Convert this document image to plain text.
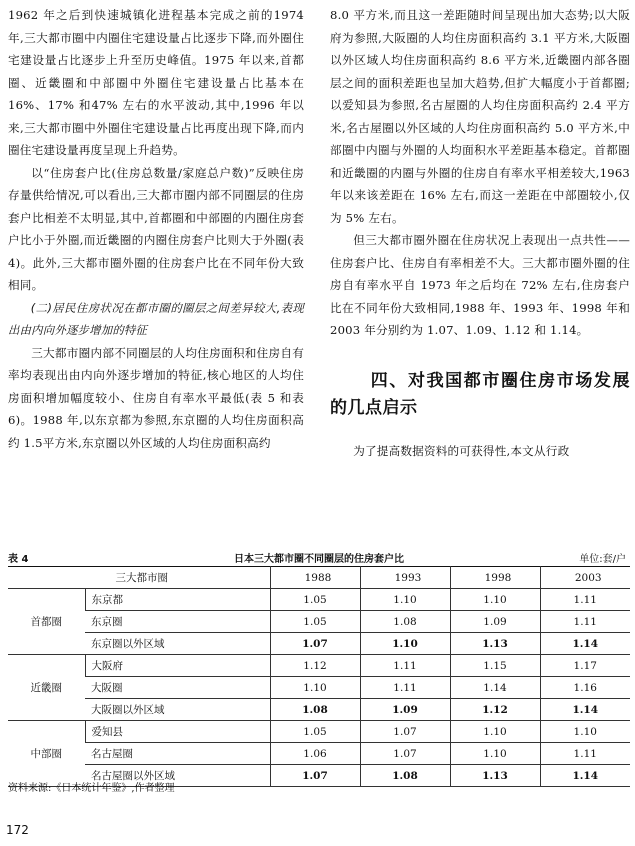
1962 年之后到快速城镇化进程基本完成之前的1974 年,三大都市圈中内圈住宅建设量占比逐步下降,而外圈住宅建设量占比逐步上升至历史峰值。1975 年以来,首都圈、近畿圈和中部圈中外圈住宅建设量占比基本在 16%、17% 和47% 左右的水平波动,其中,1996 年以来,三大都市圈中外圈住宅建设量占比再度出现下降,而内圈住宅建设量再度呈现上升趋势。

以“住房套户比(住房总数量/家庭总户数)”反映住房存量供给情况,可以看出,三大都市圈内部不同圈层的住房套户比相差不太明显,其中,首都圈和中部圈的内圈住房套户比小于外圈,而近畿圈的内圈住房套户比则大于外圈(表 4)。此外,三大都市圈外圈的住房套户比在不同年份大致相同。

(二)居民住房状况在都市圈的圈层之间差异较大,表现出由内向外逐步增加的特征

三大都市圈内部不同圈层的人均住房面积和住房自有率均表现出由内向外逐步增加的特征,核心地区的人均住房面积增加幅度较小、住房自有率水平最低(表 5 和表 6)。1988 年,以东京都为参照,东京圈的人均住房面积高约 1.5平方米,东京圈以外区域的人均住房面积高约

8.0 平方米,而且这一差距随时间呈现出加大态势;以大阪府为参照,大阪圈的人均住房面积高约 3.1 平方米,大阪圈以外区域人均住房面积高约 8.6 平方米,近畿圈内部各圈层之间的面积差距也呈加大趋势,但扩大幅度小于首都圈;以爱知县为参照,名古屋圈的人均住房面积高约 2.4 平方米,名古屋圈以外区域的人均住房面积高约 5.0 平方米,中部圈中内圈与外圈的人均面积水平差距基本稳定。首都圈和近畿圈的内圈与外圈的住房自有率水平相差较大,1963 年以来该差距在 16% 左右,而这一差距在中部圈较小,仅为 5% 左右。

但三大都市圈外圈在住房状况上表现出一点共性——住房套户比、住房自有率相差不大。三大都市圈外圈的住房自有率水平自 1973 年之后均在 72% 左右,住房套户比在不同年份大致相同,1988 年、1993 年、1998 年和 2003 年分别约为 1.07、1.09、1.12 和 1.14。

四、对我国都市圈住房市场发展的几点启示

为了提高数据资料的可获得性,本文从行政

表 4	日本三大都市圈不同圈层的住房套户比	单位:套/户
三大都市圈		1988	1993	1998	2003
首都圈	东京都	1.05	1.10	1.10	1.11
	东京圈	1.05	1.08	1.09	1.11
	东京圈以外区域	1.07	1.10	1.13	1.14
近畿圈	大阪府	1.12	1.11	1.15	1.17
	大阪圈	1.10	1.11	1.14	1.16
	大阪圈以外区域	1.08	1.09	1.12	1.14
中部圈	爱知县	1.05	1.07	1.10	1.10
	名古屋圈	1.06	1.07	1.10	1.11
	名古屋圈以外区域	1.07	1.08	1.13	1.14
资料来源:《日本统计年鉴》,作者整理
172
